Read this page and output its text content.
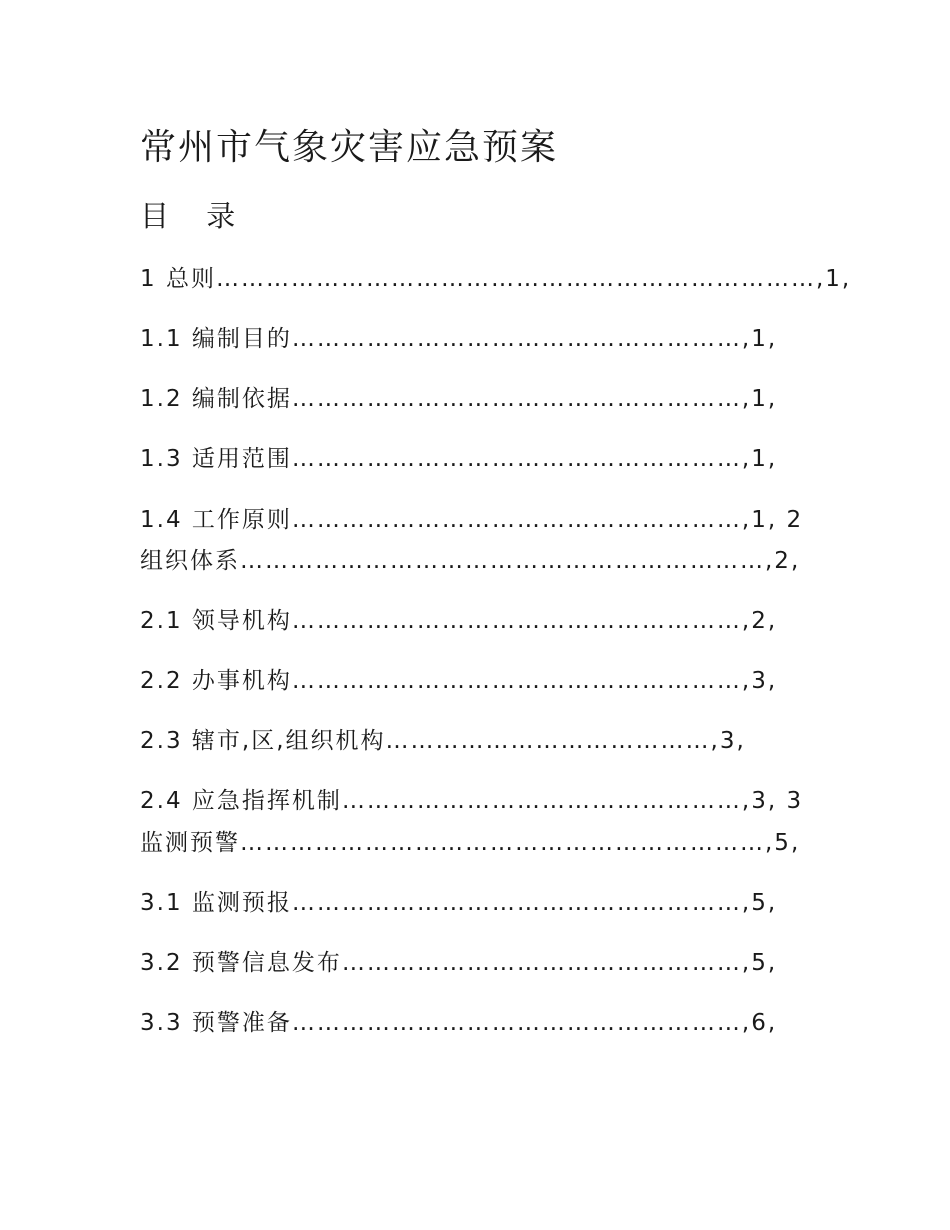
常州市气象灾害应急预案
目 录

1 总则………………………………………………………………,1,

1.1 编制目的………………………………………………,1,

1.2 编制依据………………………………………………,1,

1.3 适用范围………………………………………………,1,

1.4 工作原则………………………………………………,1, 2

组织体系………………………………………………………,2,

2.1 领导机构………………………………………………,2,

2.2 办事机构………………………………………………,3,

2.3 辖市,区,组织机构…………………………………,3,

2.4 应急指挥机制…………………………………………,3, 3

监测预警………………………………………………………,5,

3.1 监测预报………………………………………………,5,

3.2 预警信息发布…………………………………………,5,

3.3 预警准备………………………………………………,6,
